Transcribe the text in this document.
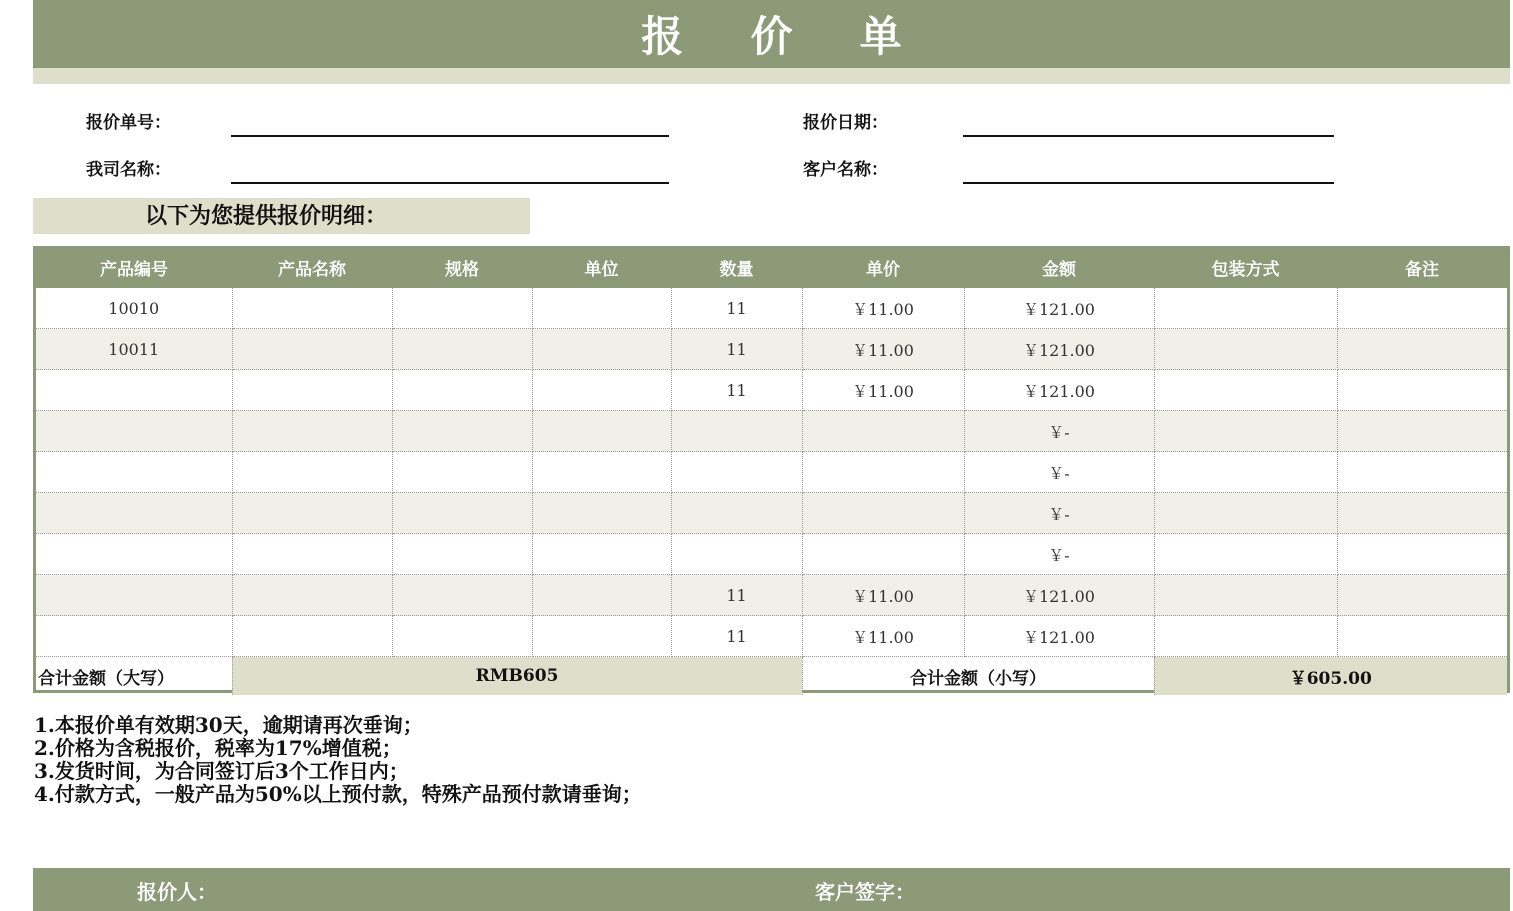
报价单
报价单号：	报价日期：
我司名称：	客户名称：
以下为您提供报价明细：
产品编号	产品名称	规格	单位	数量	单价	金额	包装方式	备注
10010				11	￥11.00	￥121.00		
10011				11	￥11.00	￥121.00		
				11	￥11.00	￥121.00		
						￥-		
						￥-		
						￥-		
						￥-		
				11	￥11.00	￥121.00		
				11	￥11.00	￥121.00		
合计金额（大写）	RMB605				合计金额（小写）		￥605.00	
1.本报价单有效期30天，逾期请再次垂询；
2.价格为含税报价，税率为17%增值税；
3.发货时间，为合同签订后3个工作日内；
4.付款方式，一般产品为50%以上预付款，特殊产品预付款请垂询；
报价人：	客户签字：
